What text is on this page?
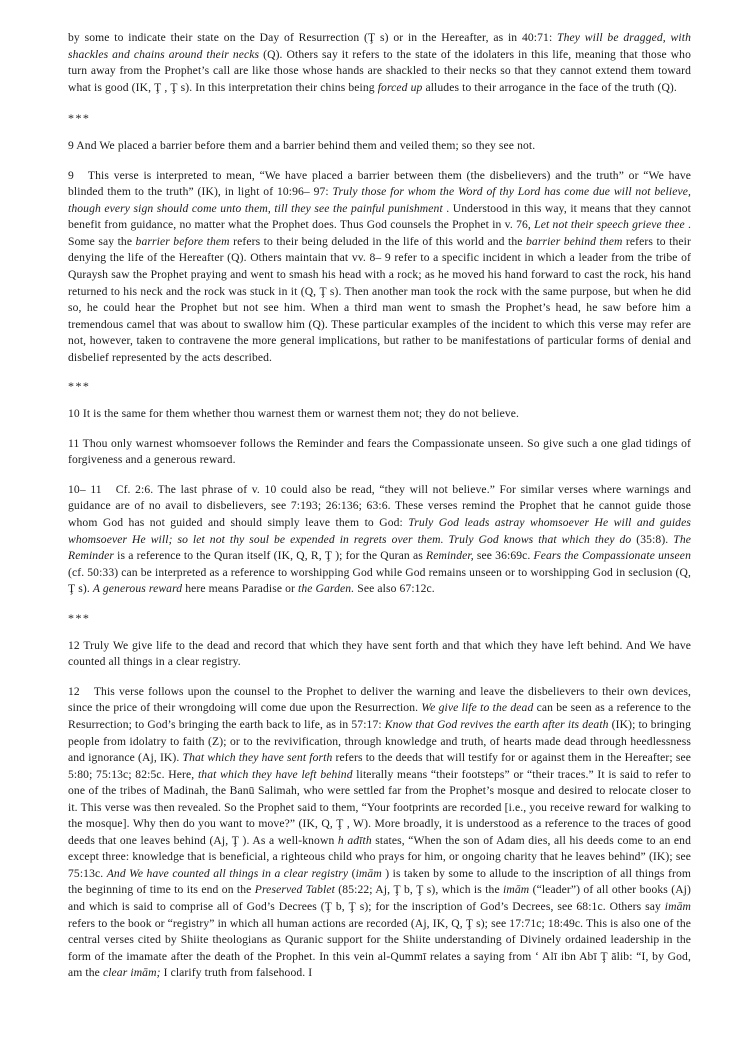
by some to indicate their state on the Day of Resurrection (Ţ s) or in the Hereafter, as in 40:71: They will be dragged, with shackles and chains around their necks (Q). Others say it refers to the state of the idolaters in this life, meaning that those who turn away from the Prophet’s call are like those whose hands are shackled to their necks so that they cannot extend them toward what is good (IK, Ţ , Ţ s). In this interpretation their chins being forced up alludes to their arrogance in the face of the truth (Q).

***

9 And We placed a barrier before them and a barrier behind them and veiled them; so they see not.

9 This verse is interpreted to mean, “We have placed a barrier between them (the disbelievers) and the truth” or “We have blinded them to the truth” (IK), in light of 10:96– 97: Truly those for whom the Word of thy Lord has come due will not believe, though every sign should come unto them, till they see the painful punishment . Understood in this way, it means that they cannot benefit from guidance, no matter what the Prophet does. Thus God counsels the Prophet in v. 76, Let not their speech grieve thee . Some say the barrier before them refers to their being deluded in the life of this world and the barrier behind them refers to their denying the life of the Hereafter (Q). Others maintain that vv. 8– 9 refer to a specific incident in which a leader from the tribe of Quraysh saw the Prophet praying and went to smash his head with a rock; as he moved his hand forward to cast the rock, his hand returned to his neck and the rock was stuck in it (Q, Ţ s). Then another man took the rock with the same purpose, but when he did so, he could hear the Prophet but not see him. When a third man went to smash the Prophet’s head, he saw before him a tremendous camel that was about to swallow him (Q). These particular examples of the incident to which this verse may refer are not, however, taken to contravene the more general implications, but rather to be manifestations of particular forms of denial and disbelief represented by the acts described.

***

10 It is the same for them whether thou warnest them or warnest them not; they do not believe.

11 Thou only warnest whomsoever follows the Reminder and fears the Compassionate unseen. So give such a one glad tidings of forgiveness and a generous reward.

10– 11 Cf. 2:6. The last phrase of v. 10 could also be read, “they will not believe.” For similar verses where warnings and guidance are of no avail to disbelievers, see 7:193; 26:136; 63:6. These verses remind the Prophet that he cannot guide those whom God has not guided and should simply leave them to God: Truly God leads astray whomsoever He will and guides whomsoever He will; so let not thy soul be expended in regrets over them. Truly God knows that which they do (35:8). The Reminder is a reference to the Quran itself (IK, Q, R, Ţ ); for the Quran as Reminder, see 36:69c. Fears the Compassionate unseen (cf. 50:33) can be interpreted as a reference to worshipping God while God remains unseen or to worshipping God in seclusion (Q, Ţ s). A generous reward here means Paradise or the Garden. See also 67:12c.

***

12 Truly We give life to the dead and record that which they have sent forth and that which they have left behind. And We have counted all things in a clear registry.

12 This verse follows upon the counsel to the Prophet to deliver the warning and leave the disbelievers to their own devices, since the price of their wrongdoing will come due upon the Resurrection. We give life to the dead can be seen as a reference to the Resurrection; to God’s bringing the earth back to life, as in 57:17: Know that God revives the earth after its death (IK); to bringing people from idolatry to faith (Z); or to the revivification, through knowledge and truth, of hearts made dead through heedlessness and ignorance (Aj, IK). That which they have sent forth refers to the deeds that will testify for or against them in the Hereafter; see 5:80; 75:13c; 82:5c. Here, that which they have left behind literally means “their footsteps” or “their traces.” It is said to refer to one of the tribes of Madinah, the Banū Salimah, who were settled far from the Prophet’s mosque and desired to relocate closer to it. This verse was then revealed. So the Prophet said to them, “Your footprints are recorded [i.e., you receive reward for walking to the mosque]. Why then do you want to move?” (IK, Q, Ţ , W). More broadly, it is understood as a reference to the traces of good deeds that one leaves behind (Aj, Ţ ). As a well-known h adīth states, “When the son of Adam dies, all his deeds come to an end except three: knowledge that is beneficial, a righteous child who prays for him, or ongoing charity that he leaves behind” (IK); see 75:13c. And We have counted all things in a clear registry (imām ) is taken by some to allude to the inscription of all things from the beginning of time to its end on the Preserved Tablet (85:22; Aj, Ţ b, Ţ s), which is the imām (“leader”) of all other books (Aj) and which is said to comprise all of God’s Decrees (Ţ b, Ţ s); for the inscription of God’s Decrees, see 68:1c. Others say imām refers to the book or “registry” in which all human actions are recorded (Aj, IK, Q, Ţ s); see 17:71c; 18:49c. This is also one of the central verses cited by Shiite theologians as Quranic support for the Shiite understanding of Divinely ordained leadership in the form of the imamate after the death of the Prophet. In this vein al-Qummī relates a saying from ‘ Alī ibn Abī Ţ ālib: “I, by God, am the clear imām; I clarify truth from falsehood. I
